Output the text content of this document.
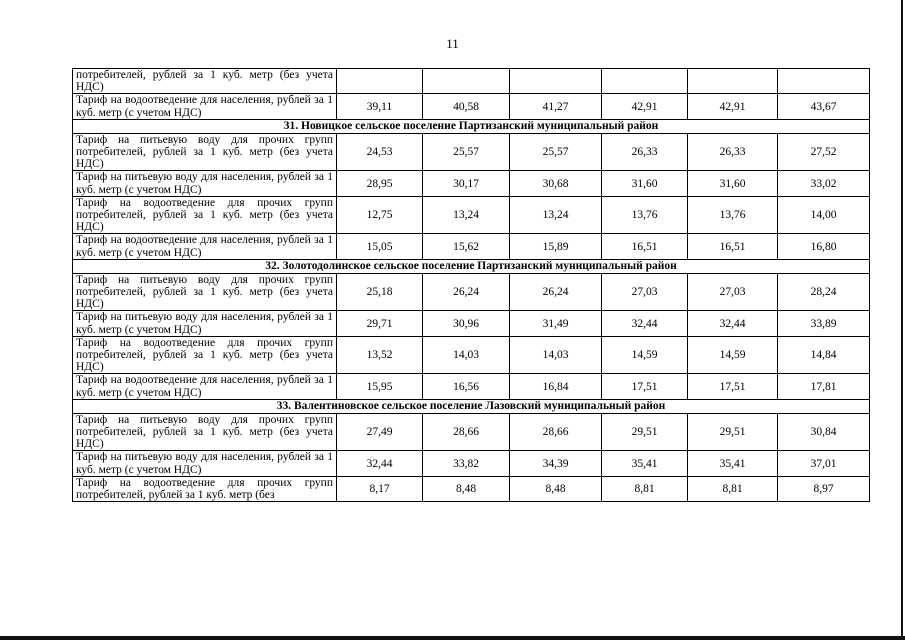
11
потребителей, рублей за 1 куб. метр (без учета НДС)						
Тариф на водоотведение для населения, рублей за 1 куб. метр (с учетом НДС)	39,11	40,58	41,27	42,91	42,91	43,67
31. Новицкое сельское поселение Партизанский муниципальный район						
Тариф на питьевую воду для прочих групп потребителей, рублей за 1 куб. метр (без учета НДС)	24,53	25,57	25,57	26,33	26,33	27,52
Тариф на питьевую воду для населения, рублей за 1 куб. метр (с учетом НДС)	28,95	30,17	30,68	31,60	31,60	33,02
Тариф на водоотведение для прочих групп потребителей, рублей за 1 куб. метр (без учета НДС)	12,75	13,24	13,24	13,76	13,76	14,00
Тариф на водоотведение для населения, рублей за 1 куб. метр (с учетом НДС)	15,05	15,62	15,89	16,51	16,51	16,80
32. Золотодолинское сельское поселение Партизанский муниципальный район						
Тариф на питьевую воду для прочих групп потребителей, рублей за 1 куб. метр (без учета НДС)	25,18	26,24	26,24	27,03	27,03	28,24
Тариф на питьевую воду для населения, рублей за 1 куб. метр (с учетом НДС)	29,71	30,96	31,49	32,44	32,44	33,89
Тариф на водоотведение для прочих групп потребителей, рублей за 1 куб. метр (без учета НДС)	13,52	14,03	14,03	14,59	14,59	14,84
Тариф на водоотведение для населения, рублей за 1 куб. метр (с учетом НДС)	15,95	16,56	16,84	17,51	17,51	17,81
33. Валентиновское сельское поселение Лазовский муниципальный район						
Тариф на питьевую воду для прочих групп потребителей, рублей за 1 куб. метр (без учета НДС)	27,49	28,66	28,66	29,51	29,51	30,84
Тариф на питьевую воду для населения, рублей за 1 куб. метр (с учетом НДС)	32,44	33,82	34,39	35,41	35,41	37,01
Тариф на водоотведение для прочих групп потребителей, рублей за 1 куб. метр (без	8,17	8,48	8,48	8,81	8,81	8,97
